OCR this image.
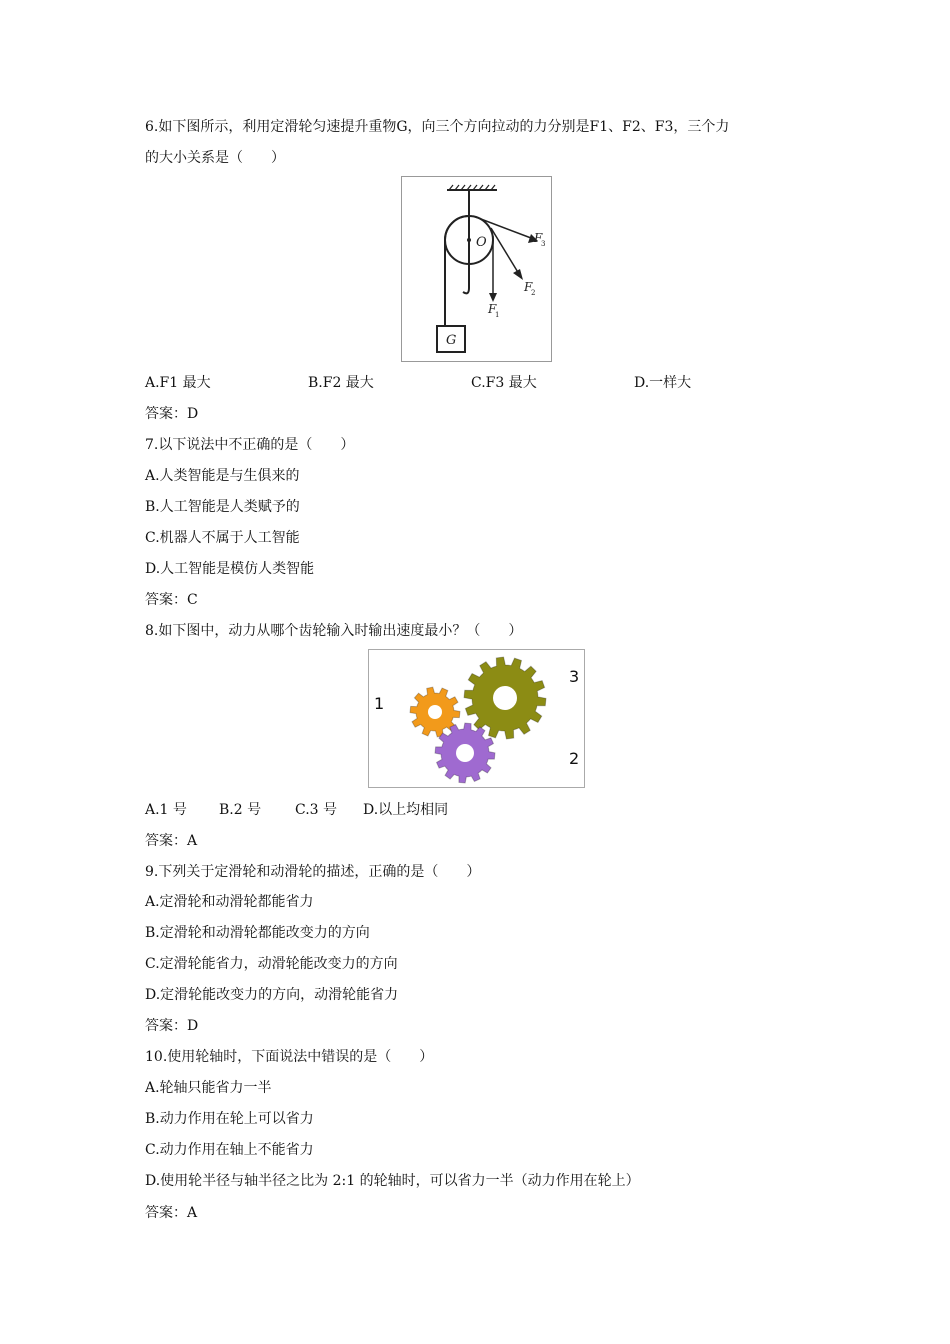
6.如下图所示，利用定滑轮匀速提升重物G，向三个方向拉动的力分别是F1、F2、F3，三个力
的大小关系是（　　）
O
F
1
F
2
F
3
G
A.F1 最大	B.F2 最大	C.F3 最大	D.一样大
答案：D
7.以下说法中不正确的是（　　）
A.人类智能是与生俱来的
B.人工智能是人类赋予的
C.机器人不属于人工智能
D.人工智能是模仿人类智能
答案：C
8.如下图中，动力从哪个齿轮输入时输出速度最小？（　　）
1
2
3
A.1 号 B.2 号 C.3 号 D.以上均相同
答案：A
9.下列关于定滑轮和动滑轮的描述，正确的是（　　）
B.定滑轮和动滑轮都能改变力的方向
A.定滑轮和动滑轮都能省力
C.定滑轮能省力，动滑轮能改变力的方向
D.定滑轮能改变力的方向，动滑轮能省力
答案：D
10.使用轮轴时，下面说法中错误的是（　　）
A.轮轴只能省力一半
B.动力作用在轮上可以省力
C.动力作用在轴上不能省力
D.使用轮半径与轴半径之比为 2:1 的轮轴时，可以省力一半（动力作用在轮上）
答案：A
